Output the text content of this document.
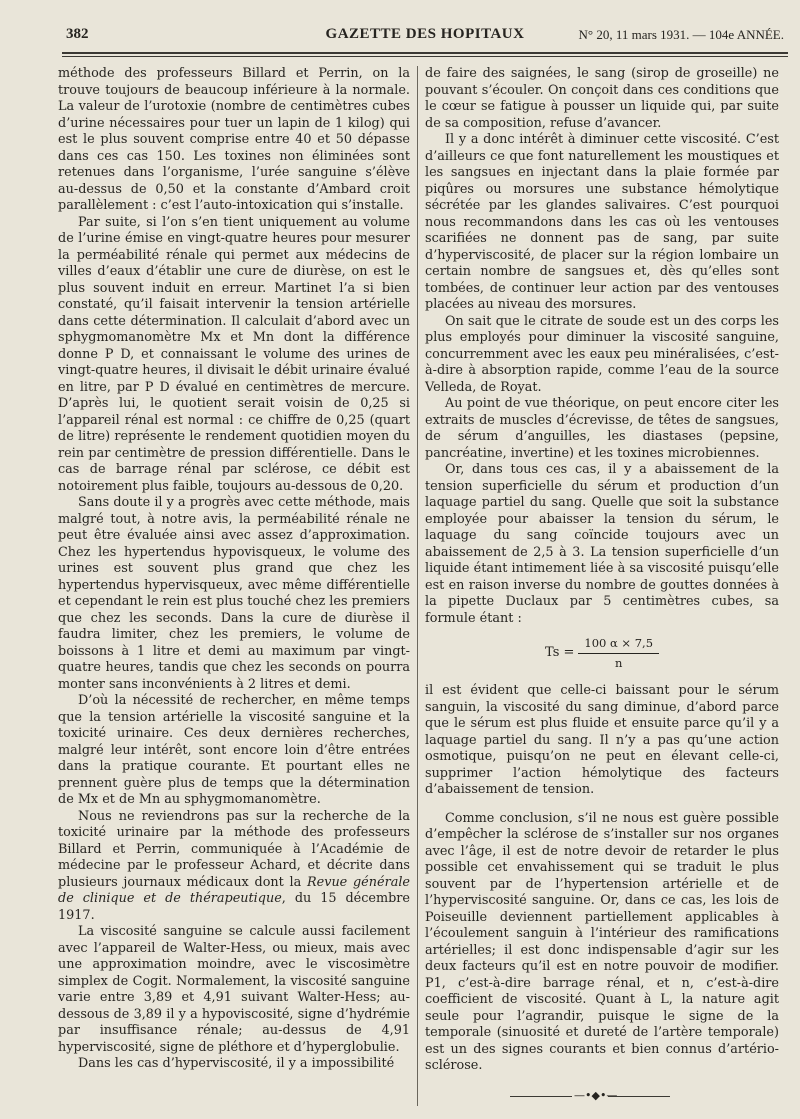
382	GAZETTE DES HOPITAUX	N° 20, 11 mars 1931. — 104e ANNÉE.

méthode des professeurs Billard et Perrin, on la trouve toujours de beaucoup inférieure à la normale. La valeur de l’urotoxie (nombre de centimètres cubes d’urine nécessaires pour tuer un lapin de 1 kilog) qui est le plus souvent comprise entre 40 et 50 dépasse dans ces cas 150. Les toxines non éliminées sont retenues dans l’organisme, l’urée sanguine s’élève au-dessus de 0,50 et la constante d’Ambard croit parallèlement : c’est l’auto-intoxication qui s’installe.

Par suite, si l’on s’en tient uniquement au volume de l’urine émise en vingt-quatre heures pour mesurer la perméabilité rénale qui permet aux médecins de villes d’eaux d’établir une cure de diurèse, on est le plus souvent induit en erreur. Martinet l’a si bien constaté, qu’il faisait intervenir la tension artérielle dans cette détermination. Il calculait d’abord avec un sphygmomanomètre Mx et Mn dont la différence donne P D, et connaissant le volume des urines de vingt-quatre heures, il divisait le débit urinaire évalué en litre, par P D évalué en centimètres de mercure. D’après lui, le quotient serait voisin de 0,25 si l’appareil rénal est normal : ce chiffre de 0,25 (quart de litre) représente le rendement quotidien moyen du rein par centimètre de pression différentielle. Dans le cas de barrage rénal par sclérose, ce débit est notoirement plus faible, toujours au-dessous de 0,20.

Sans doute il y a progrès avec cette méthode, mais malgré tout, à notre avis, la perméabilité rénale ne peut être évaluée ainsi avec assez d’approximation. Chez les hypertendus hypovisqueux, le volume des urines est souvent plus grand que chez les hypertendus hypervisqueux, avec même différentielle et cependant le rein est plus touché chez les premiers que chez les seconds. Dans la cure de diurèse il faudra limiter, chez les premiers, le volume de boissons à 1 litre et demi au maximum par vingt-quatre heures, tandis que chez les seconds on pourra monter sans inconvénients à 2 litres et demi.

D’où la nécessité de rechercher, en même temps que la tension artérielle la viscosité sanguine et la toxicité urinaire. Ces deux dernières recherches, malgré leur intérêt, sont encore loin d’être entrées dans la pratique courante. Et pourtant elles ne prennent guère plus de temps que la détermination de Mx et de Mn au sphygmomanomètre.

Nous ne reviendrons pas sur la recherche de la toxicité urinaire par la méthode des professeurs Billard et Perrin, communiquée à l’Académie de médecine par le professeur Achard, et décrite dans plusieurs journaux médicaux dont la Revue générale de clinique et de thérapeutique, du 15 décembre 1917.

La viscosité sanguine se calcule aussi facilement avec l’appareil de Walter-Hess, ou mieux, mais avec une approximation moindre, avec le viscosimètre simplex de Cogit. Normalement, la viscosité sanguine varie entre 3,89 et 4,91 suivant Walter-Hess; au-dessous de 3,89 il y a hypoviscosité, signe d’hydrémie par insuffisance rénale; au-dessus de 4,91 hyperviscosité, signe de pléthore et d’hyperglobulie.

Dans les cas d’hyperviscosité, il y a impossibilité

de faire des saignées, le sang (sirop de groseille) ne pouvant s’écouler. On conçoit dans ces conditions que le cœur se fatigue à pousser un liquide qui, par suite de sa composition, refuse d’avancer.

Il y a donc intérêt à diminuer cette viscosité. C’est d’ailleurs ce que font naturellement les moustiques et les sangsues en injectant dans la plaie formée par piqûres ou morsures une substance hémolytique sécrétée par les glandes salivaires. C’est pourquoi nous recommandons dans les cas où les ventouses scarifiées ne donnent pas de sang, par suite d’hyperviscosité, de placer sur la région lombaire un certain nombre de sangsues et, dès qu’elles sont tombées, de continuer leur action par des ventouses placées au niveau des morsures.

On sait que le citrate de soude est un des corps les plus employés pour diminuer la viscosité sanguine, concurremment avec les eaux peu minéralisées, c’est-à-dire à absorption rapide, comme l’eau de la source Velleda, de Royat.

Au point de vue théorique, on peut encore citer les extraits de muscles d’écrevisse, de têtes de sangsues, de sérum d’anguilles, les diastases (pepsine, pancréatine, invertine) et les toxines microbiennes.

Or, dans tous ces cas, il y a abaissement de la tension superficielle du sérum et production d’un laquage partiel du sang. Quelle que soit la substance employée pour abaisser la tension du sérum, le laquage du sang coïncide toujours avec un abaissement de 2,5 à 3. La tension superficielle d’un liquide étant intimement liée à sa viscosité puisqu’elle est en raison inverse du nombre de gouttes données à la pipette Duclaux par 5 centimètres cubes, sa formule étant :

$Ts = \frac{100 \alpha \times 7,5}{n}$

il est évident que celle-ci baissant pour le sérum sanguin, la viscosité du sang diminue, d’abord parce que le sérum est plus fluide et ensuite parce qu’il y a laquage partiel du sang. Il n’y a pas qu’une action osmotique, puisqu’on ne peut en élevant celle-ci, supprimer l’action hémolytique des facteurs d’abaissement de tension.

Comme conclusion, s’il ne nous est guère possible d’empêcher la sclérose de s’installer sur nos organes avec l’âge, il est de notre devoir de retarder le plus possible cet envahissement qui se traduit le plus souvent par de l’hypertension artérielle et de l’hyperviscosité sanguine. Or, dans ce cas, les lois de Poiseuille deviennent partiellement applicables à l’écoulement sanguin à l’intérieur des ramifications artérielles; il est donc indispensable d’agir sur les deux facteurs qu’il est en notre pouvoir de modifier. P1, c’est-à-dire barrage rénal, et n, c’est-à-dire coefficient de viscosité. Quant à L, la nature agit seule pour l’agrandir, puisque le signe de la temporale (sinuosité et dureté de l’artère temporale) est un des signes courants et bien connus d’artério-sclérose.

—•◆•—
